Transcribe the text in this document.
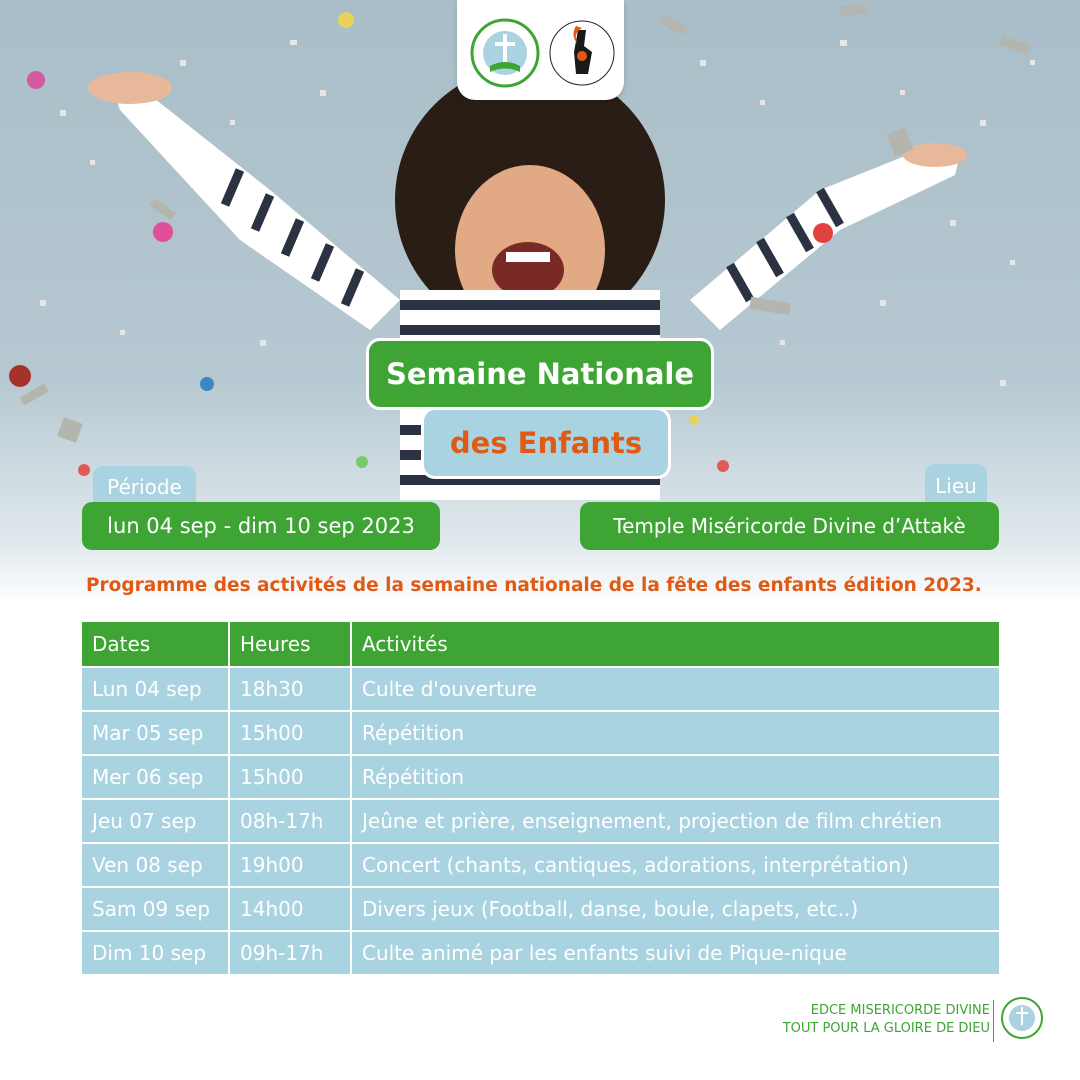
Semaine Nationale
des Enfants
Période
lun 04 sep - dim 10 sep 2023
Lieu
Temple Miséricorde Divine d’Attakè
Programme des activités de la semaine nationale de la fête des enfants édition 2023.
Dates	Heures	Activités
Lun 04 sep	18h30	Culte d'ouverture
Mar 05 sep	15h00	Répétition
Mer 06 sep	15h00	Répétition
Jeu 07 sep	08h-17h	Jeûne et prière, enseignement, projection de film chrétien
Ven 08 sep	19h00	Concert (chants, cantiques, adorations, interprétation)
Sam 09 sep	14h00	Divers jeux (Football, danse, boule, clapets, etc..)
Dim 10 sep	09h-17h	Culte animé par les enfants suivi de Pique-nique
EDCE MISERICORDE DIVINE
TOUT POUR LA GLOIRE DE DIEU
